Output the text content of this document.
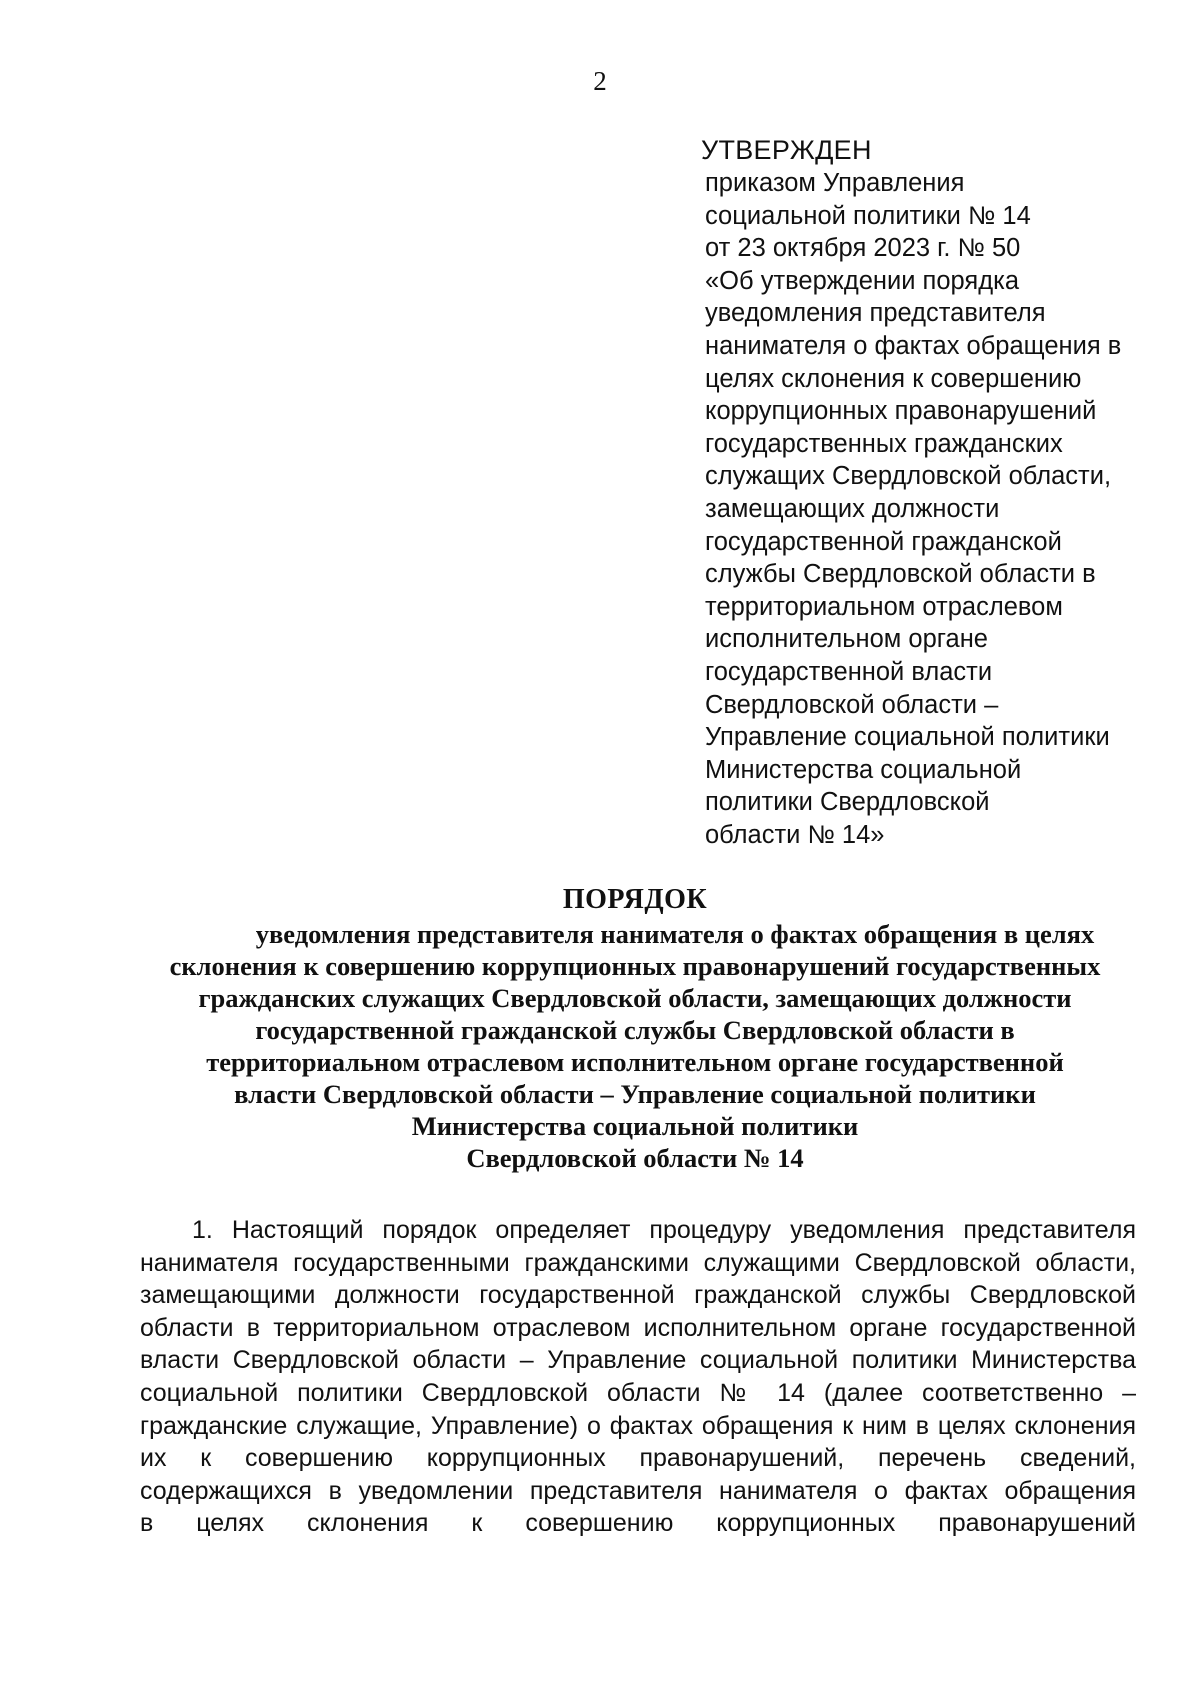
2
УТВЕРЖДЕН
приказом Управления
социальной политики № 14
от 23 октября 2023 г. № 50
«Об утверждении порядка
уведомления представителя
нанимателя о фактах обращения в
целях склонения к совершению
коррупционных правонарушений
государственных гражданских
служащих Свердловской области,
замещающих должности
государственной гражданской
службы Свердловской области в
территориальном отраслевом
исполнительном органе
государственной власти
Свердловской области –
Управление социальной политики
Министерства социальной
политики Свердловской
области № 14»
ПОРЯДОК
уведомления представителя нанимателя о фактах обращения в целях
склонения к совершению коррупционных правонарушений государственных
гражданских служащих Свердловской области, замещающих должности
государственной гражданской службы Свердловской области в
территориальном отраслевом исполнительном органе государственной
власти Свердловской области – Управление социальной политики
Министерства социальной политики
Свердловской области № 14
1. Настоящий порядок определяет процедуру уведомления представителя
нанимателя государственными гражданскими служащими Свердловской области,
замещающими должности государственной гражданской службы Свердловской
области в территориальном отраслевом исполнительном органе государственной
власти Свердловской области – Управление социальной политики Министерства
социальной политики Свердловской области № 14 (далее соответственно –
гражданские служащие, Управление) о фактах обращения к ним в целях склонения
их к совершению коррупционных правонарушений, перечень сведений,
содержащихся в уведомлении представителя нанимателя о фактах обращения
в целях склонения к совершению коррупционных правонарушений
